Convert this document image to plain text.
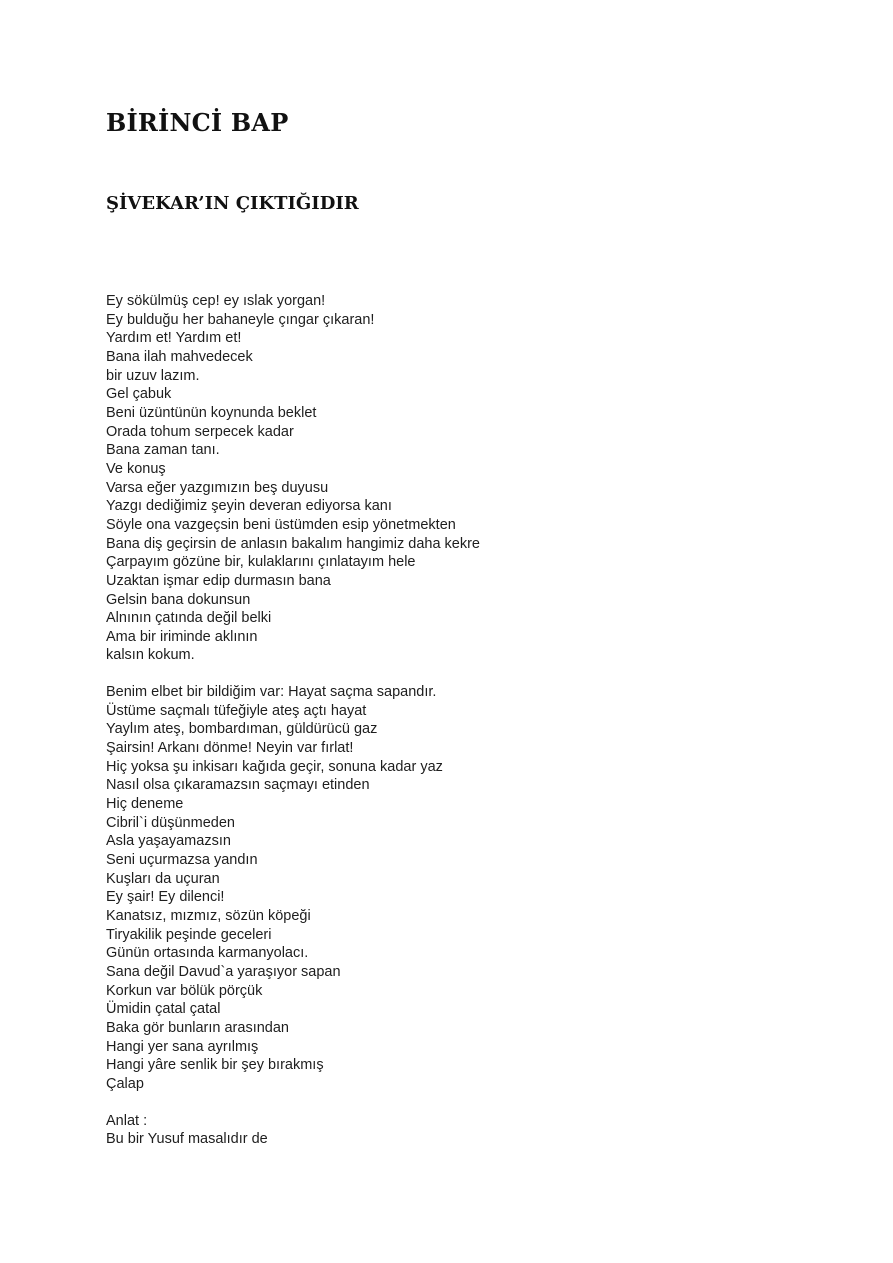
BİRİNCİ BAP
ŞİVEKAR’IN ÇIKTIĞIDIR
Ey sökülmüş cep! ey ıslak yorgan!
Ey bulduğu her bahaneyle çıngar çıkaran!
Yardım et! Yardım et!
Bana ilah mahvedecek
bir uzuv lazım.
Gel çabuk
Beni üzüntünün koynunda beklet
Orada tohum serpecek kadar
Bana zaman tanı.
Ve konuş
Varsa eğer yazgımızın beş duyusu
Yazgı dediğimiz şeyin deveran ediyorsa kanı
Söyle ona vazgeçsin beni üstümden esip yönetmekten
Bana diş geçirsin de anlasın bakalım hangimiz daha kekre
Çarpayım gözüne bir, kulaklarını çınlatayım hele
Uzaktan işmar edip durmasın bana
Gelsin bana dokunsun
Alnının çatında değil belki
Ama bir iriminde aklının
kalsın kokum.
Benim elbet bir bildiğim var: Hayat saçma sapandır.
Üstüme saçmalı tüfeğiyle ateş açtı hayat
Yaylım ateş, bombardıman, güldürücü gaz
Şairsin! Arkanı dönme! Neyin var fırlat!
Hiç yoksa şu inkisarı kağıda geçir, sonuna kadar yaz
Nasıl olsa çıkaramazsın saçmayı etinden
Hiç deneme
Cibril`i düşünmeden
Asla yaşayamazsın
Seni uçurmazsa yandın
Kuşları da uçuran
Ey şair! Ey dilenci!
Kanatsız, mızmız, sözün köpeği
Tiryakilik peşinde geceleri
Günün ortasında karmanyolacı.
Sana değil Davud`a yaraşıyor sapan
Korkun var bölük pörçük
Ümidin çatal çatal
Baka gör bunların arasından
Hangi yer sana ayrılmış
Hangi yâre senlik bir şey bırakmış
Çalap
Anlat :
Bu bir Yusuf masalıdır de
